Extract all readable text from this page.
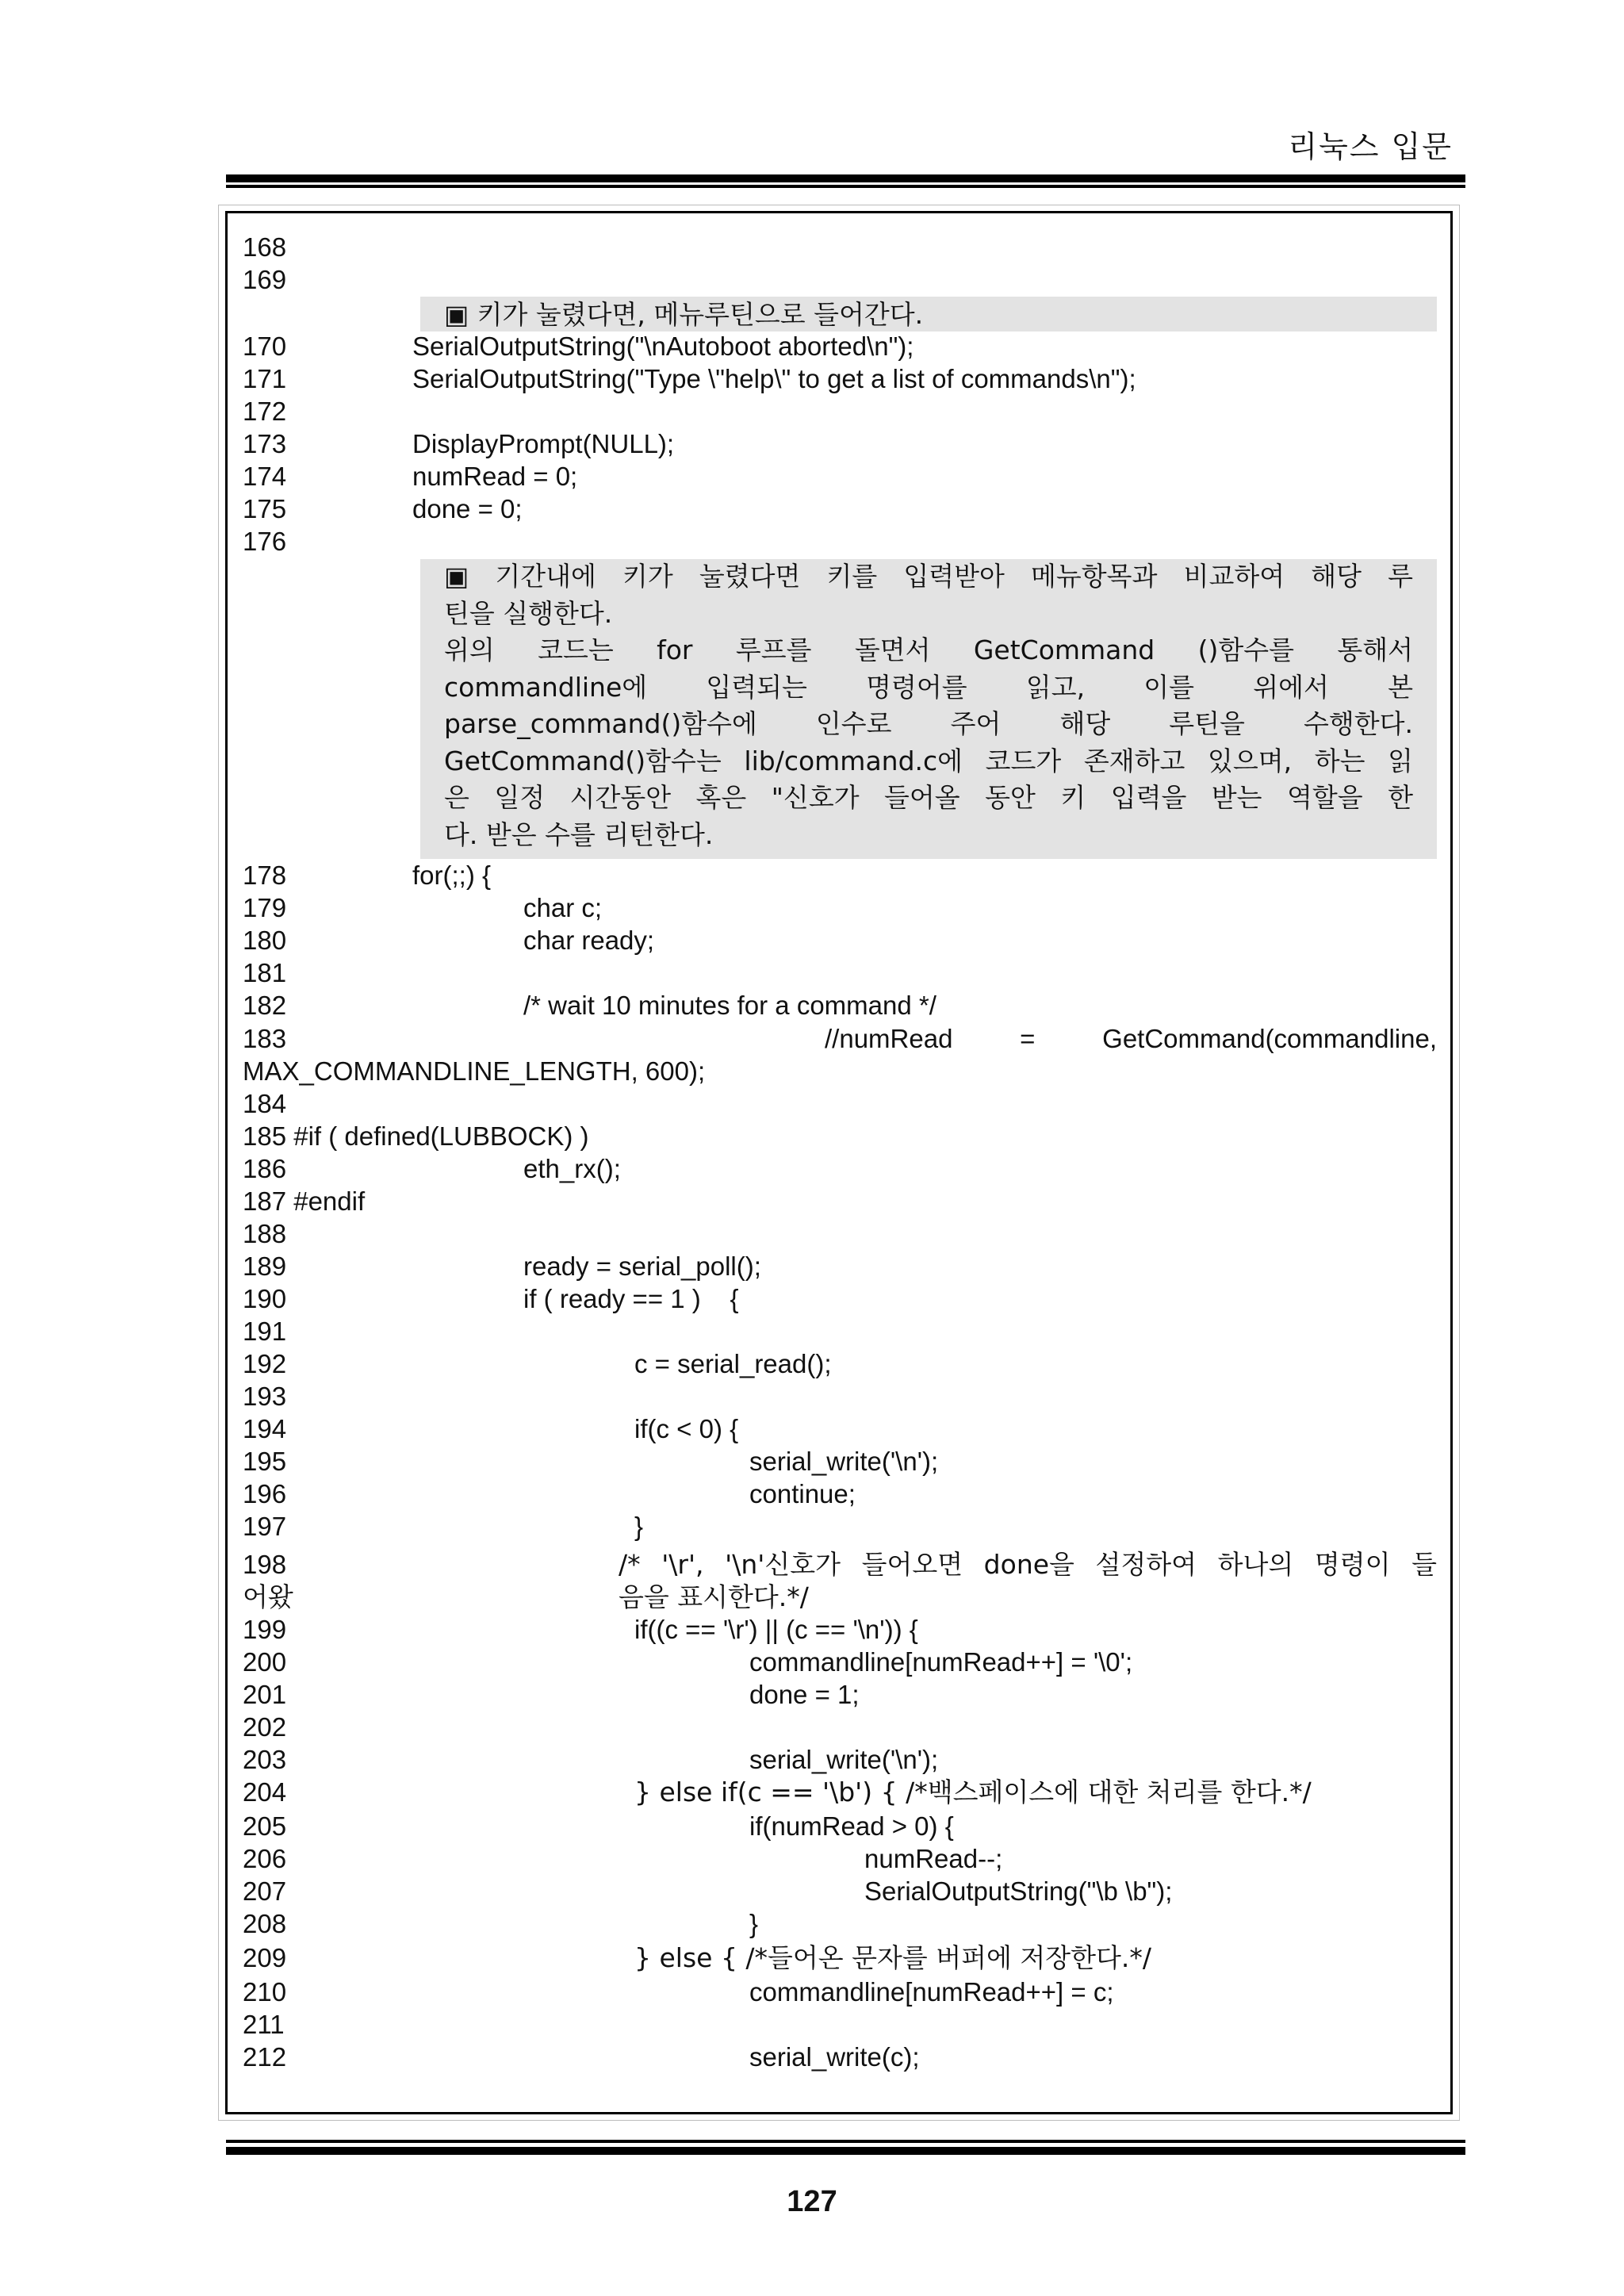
리눅스 입문
▣ 키가 눌렸다면, 메뉴루틴으로 들어간다.
▣ 기간내에 키가 눌렸다면 키를 입력받아 메뉴항목과 비교하여 해당 루
틴을 실행한다.
위의 코드는 for 루프를 돌면서 GetCommand ()함수를 통해서
commandline에 입력되는 명령어를 읽고, 이를 위에서 본
parse_command()함수에 인수로 주어 해당 루틴을 수행한다.
GetCommand()함수는 lib/command.c에 코드가 존재하고 있으며, 하는 읽
은 일정 시간동안 혹은 "신호가 들어올 동안 키 입력을 받는 역할을 한
다. 받은 수를 리턴한다.
168
169
170	SerialOutputString("\nAutoboot aborted\n");
171	SerialOutputString("Type \"help\" to get a list of commands\n");
172
173	DisplayPrompt(NULL);
174	numRead = 0;
175	done = 0;
176
178	for(;;) {
179	char c;
180	char ready;
181
182	/* wait 10 minutes for a command */
183
184
185 #if ( defined(LUBBOCK) )
186	eth_rx();
187 #endif
188
189	ready = serial_poll();
190	if ( ready == 1 )    {
191
192	c = serial_read();
193
194	if(c < 0) {
195	serial_write('\n');
196	continue;
197	}
198
어왔
199	if((c == '\r') || (c == '\n')) {
200	commandline[numRead++] = '\0';
201	done = 1;
202
203	serial_write('\n');
204	} else if(c == '\b') { /*백스페이스에 대한 처리를 한다.*/
205	if(numRead > 0) {
206	numRead--;
207	SerialOutputString("\b \b");
208	}
209	} else { /*들어온 문자를 버퍼에 저장한다.*/
210	commandline[numRead++] = c;
211
212	serial_write(c);
//numRead = GetCommand(commandline,
MAX_COMMANDLINE_LENGTH, 600);
/* '\r', '\n'신호가 들어오면 done을 설정하여 하나의 명령이 들
음을 표시한다.*/
127
